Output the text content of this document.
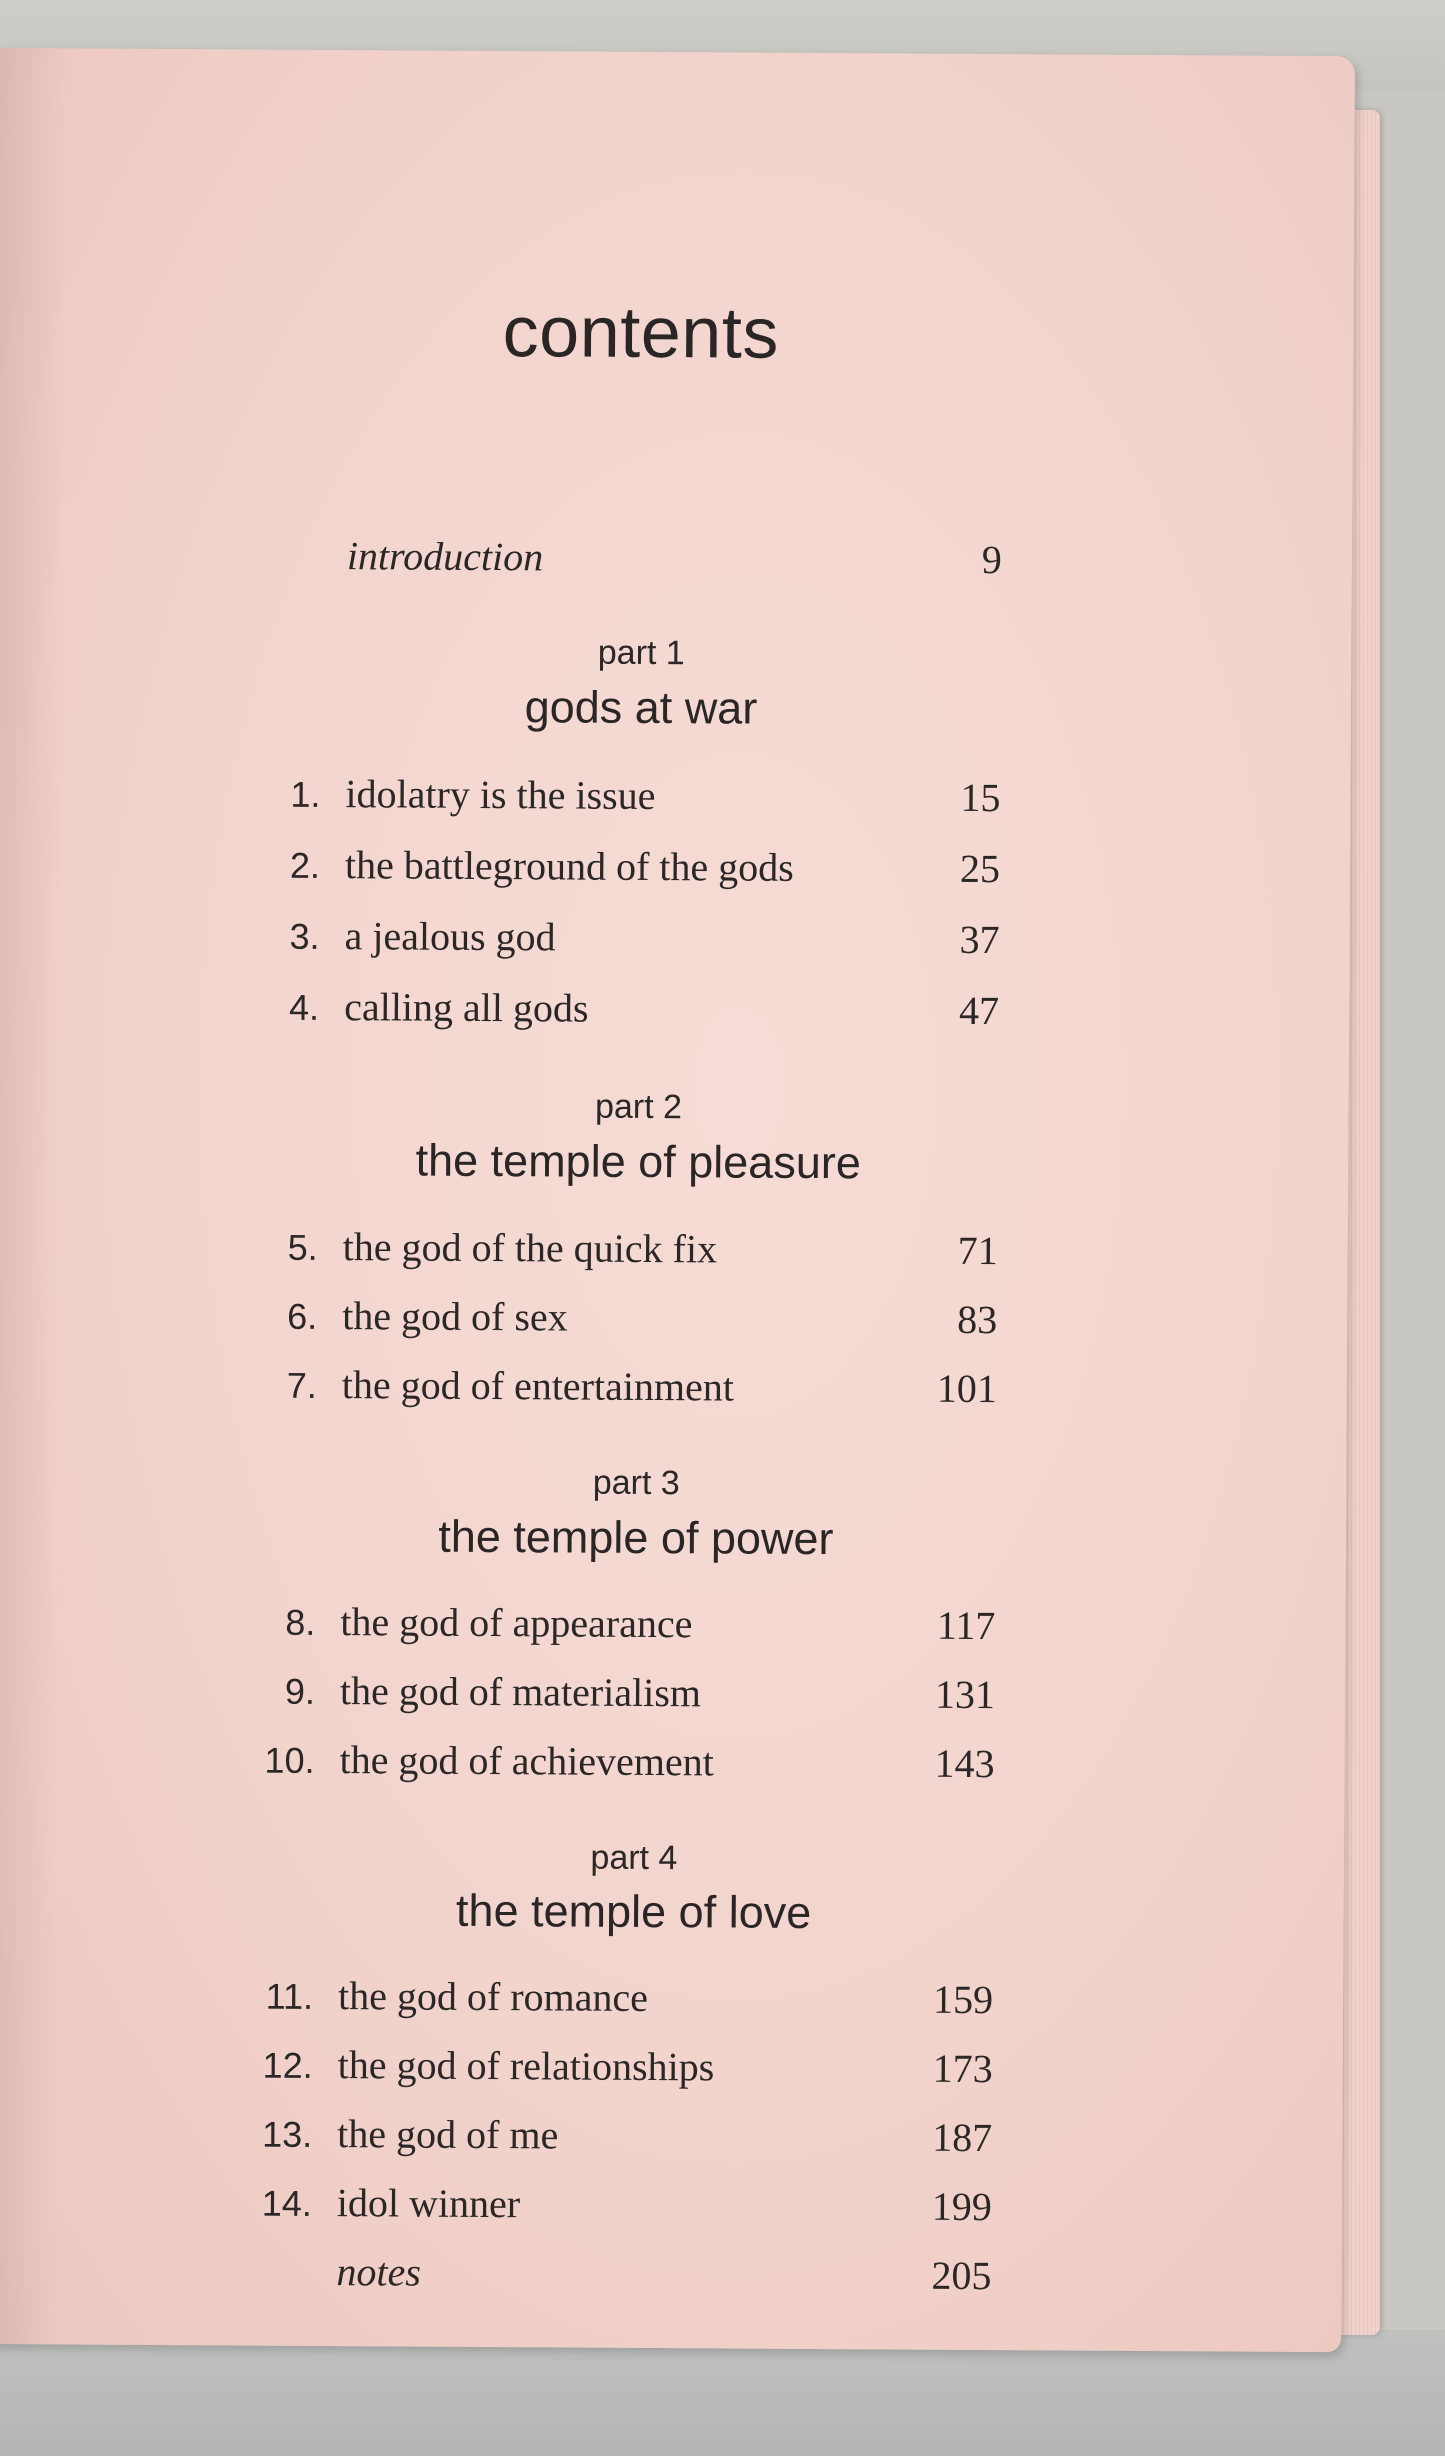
contents
introduction	9
part 1
gods at war
1. idolatry is the issue	15
2. the battleground of the gods	25
3. a jealous god	37
4. calling all gods	47
part 2
the temple of pleasure
5. the god of the quick fix	71
6. the god of sex	83
7. the god of entertainment	101
part 3
the temple of power
8. the god of appearance	117
9. the god of materialism	131
10. the god of achievement	143
part 4
the temple of love
11. the god of romance	159
12. the god of relationships	173
13. the god of me	187
14. idol winner	199
notes	205
